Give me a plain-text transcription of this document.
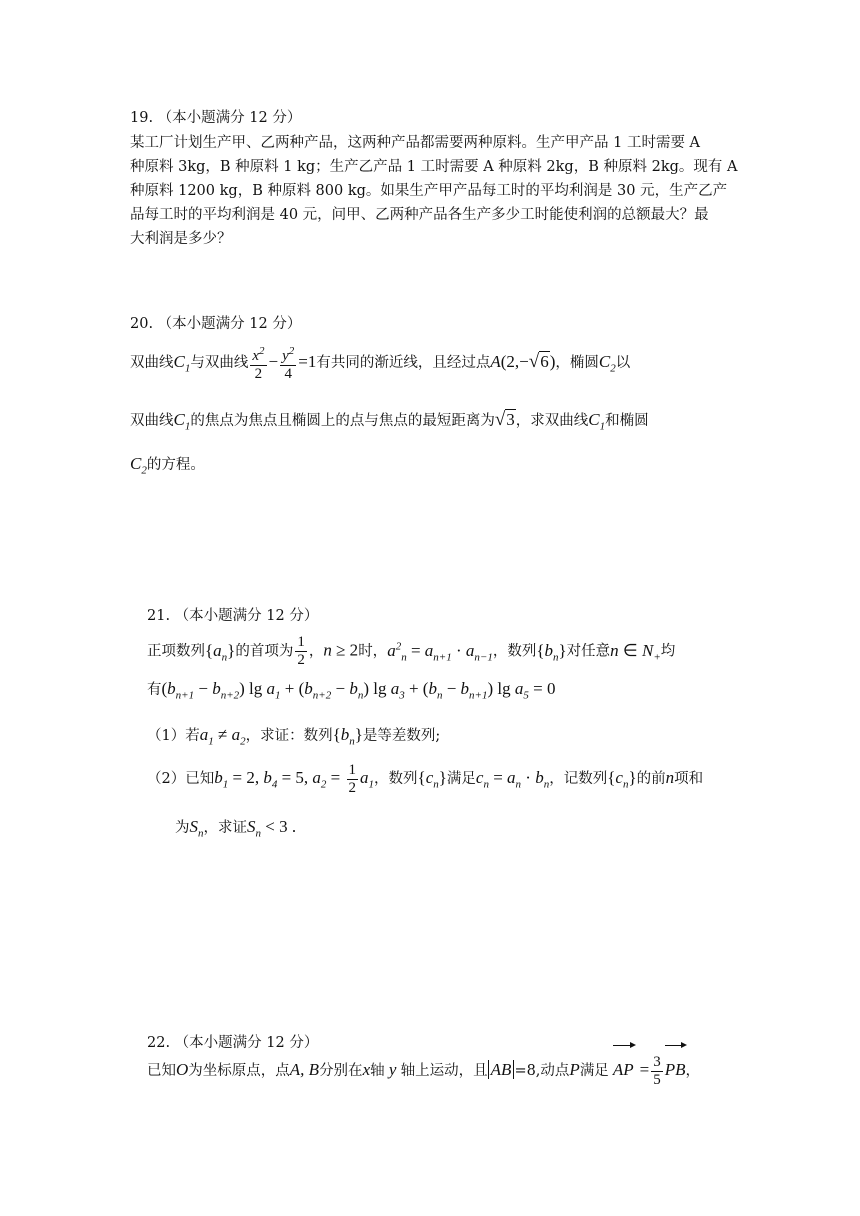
19. （本小题满分 12 分）
某工厂计划生产甲、乙两种产品，这两种产品都需要两种原料。生产甲产品 1 工时需要 A
种原料 3kg，B 种原料 1 kg；生产乙产品 1 工时需要 A 种原料 2kg，B 种原料 2kg。现有 A
种原料 1200 kg，B 种原料 800 kg。如果生产甲产品每工时的平均利润是 30 元，生产乙产
品每工时的平均利润是 40 元，问甲、乙两种产品各生产多少工时能使利润的总额最大？最
大利润是多少？
20. （本小题满分 12 分）
双曲线$C_1$与双曲线 $\frac{x^2}{2} - \frac{y^2}{4} =1$有共同的渐近线，且经过点A(2,−√6)，椭圆$C_2$以
双曲线$C_1$的焦点为焦点且椭圆上的点与焦点的最短距离为√3，求双曲线$C_1$和椭圆
$C_2$的方程。
21. （本小题满分 12 分）
正项数列$\{a_n\}$的首项为 $\frac{1}{2}$ ，n ≥ 2时，$a^2_n = a_{n+1} \cdot a_{n-1}$，数列$\{b_n\}$对任意n ∈ $N_+$均
有$(b_{n+1} - b_{n+2})$ $\lg a_1 + (b_{n+2} - b_n)$ $\lg a_3 + (b_n - b_{n+1})$ $\lg a_5 = 0$
（1）若$a_1 \ne a_2$，求证：数列$\{b_n\}$是等差数列;
（2）已知$b_1 = 2$, $b_4 = 5$, $a_2 = \frac{1}{2} a_1$，数列$\{c_n\}$满足$c_n = a_n \cdot b_n$，记数列$\{c_n\}$的前n项和
为$S_n$，求证$S_n < 3$ .
22. （本小题满分 12 分）
已知O为坐标原点，点A, B分别在x轴 y 轴上运动，且 AB =8,动点P满足 AP = $\frac{3}{5}$ PB，
